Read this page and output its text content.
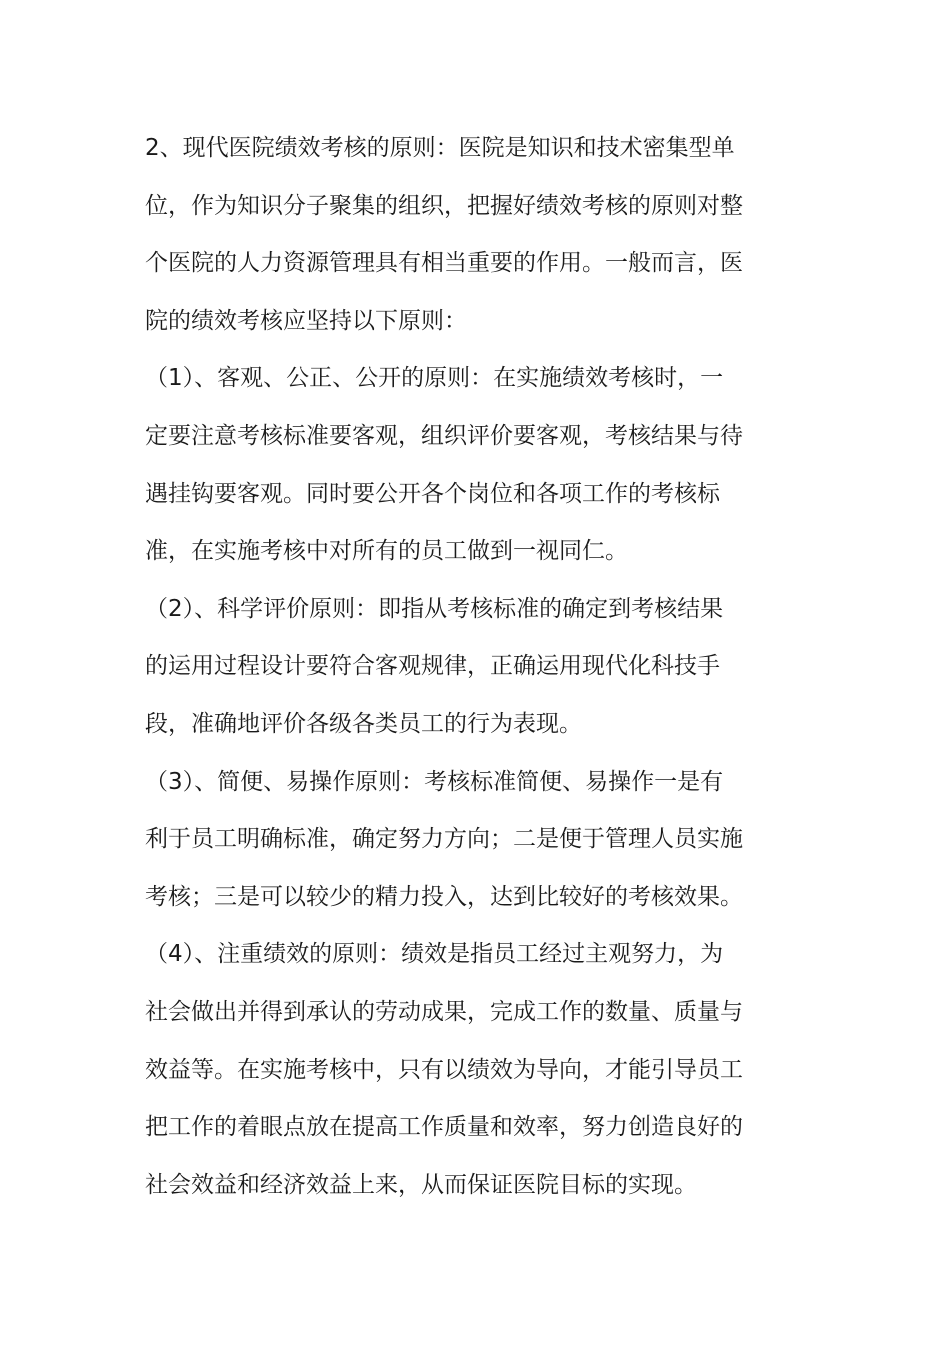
2、现代医院绩效考核的原则：医院是知识和技术密集型单
位，作为知识分子聚集的组织，把握好绩效考核的原则对整
个医院的人力资源管理具有相当重要的作用。一般而言，医
院的绩效考核应坚持以下原则：
（1）、客观、公正、公开的原则：在实施绩效考核时，一
定要注意考核标准要客观，组织评价要客观，考核结果与待
遇挂钩要客观。同时要公开各个岗位和各项工作的考核标
准，在实施考核中对所有的员工做到一视同仁。
（2）、科学评价原则：即指从考核标准的确定到考核结果
的运用过程设计要符合客观规律，正确运用现代化科技手
段，准确地评价各级各类员工的行为表现。
（3）、简便、易操作原则：考核标准简便、易操作一是有
利于员工明确标准，确定努力方向；二是便于管理人员实施
考核；三是可以较少的精力投入，达到比较好的考核效果。
（4）、注重绩效的原则：绩效是指员工经过主观努力，为
社会做出并得到承认的劳动成果，完成工作的数量、质量与
效益等。在实施考核中，只有以绩效为导向，才能引导员工
把工作的着眼点放在提高工作质量和效率，努力创造良好的
社会效益和经济效益上来，从而保证医院目标的实现。
